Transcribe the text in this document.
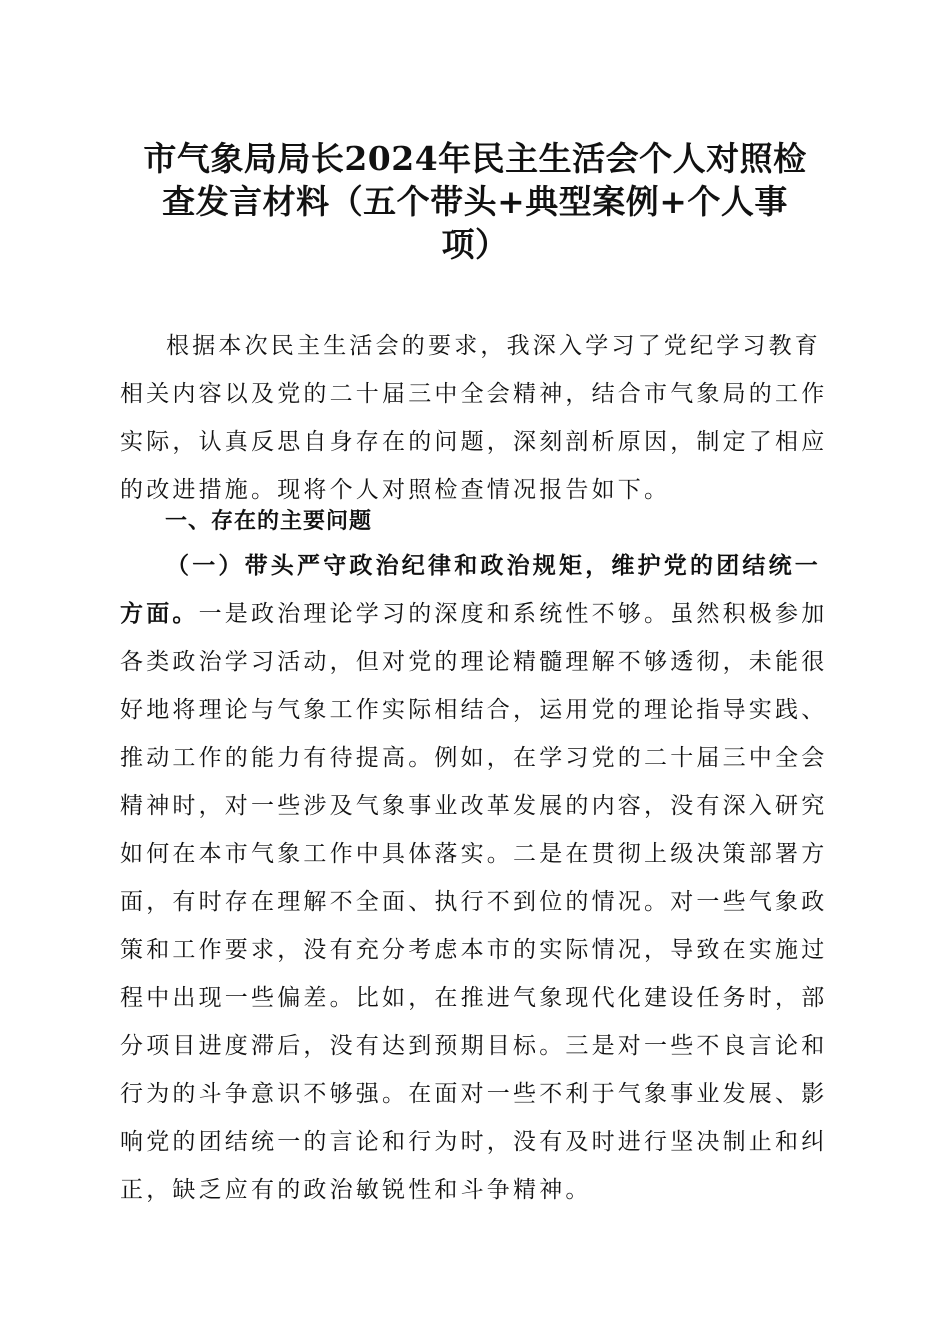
市气象局局长2024年民主生活会个人对照检
查发言材料（五个带头+典型案例+个人事
项）

根据本次民主生活会的要求，我深入学习了党纪学习教育
相关内容以及党的二十届三中全会精神，结合市气象局的工作
实际，认真反思自身存在的问题，深刻剖析原因，制定了相应
的改进措施。现将个人对照检查情况报告如下。

一、存在的主要问题

（一）带头严守政治纪律和政治规矩，维护党的团结统一
方面。一是政治理论学习的深度和系统性不够。虽然积极参加
各类政治学习活动，但对党的理论精髓理解不够透彻，未能很
好地将理论与气象工作实际相结合，运用党的理论指导实践、
推动工作的能力有待提高。例如，在学习党的二十届三中全会
精神时，对一些涉及气象事业改革发展的内容，没有深入研究
如何在本市气象工作中具体落实。二是在贯彻上级决策部署方
面，有时存在理解不全面、执行不到位的情况。对一些气象政
策和工作要求，没有充分考虑本市的实际情况，导致在实施过
程中出现一些偏差。比如，在推进气象现代化建设任务时，部
分项目进度滞后，没有达到预期目标。三是对一些不良言论和
行为的斗争意识不够强。在面对一些不利于气象事业发展、影
响党的团结统一的言论和行为时，没有及时进行坚决制止和纠
正，缺乏应有的政治敏锐性和斗争精神。
